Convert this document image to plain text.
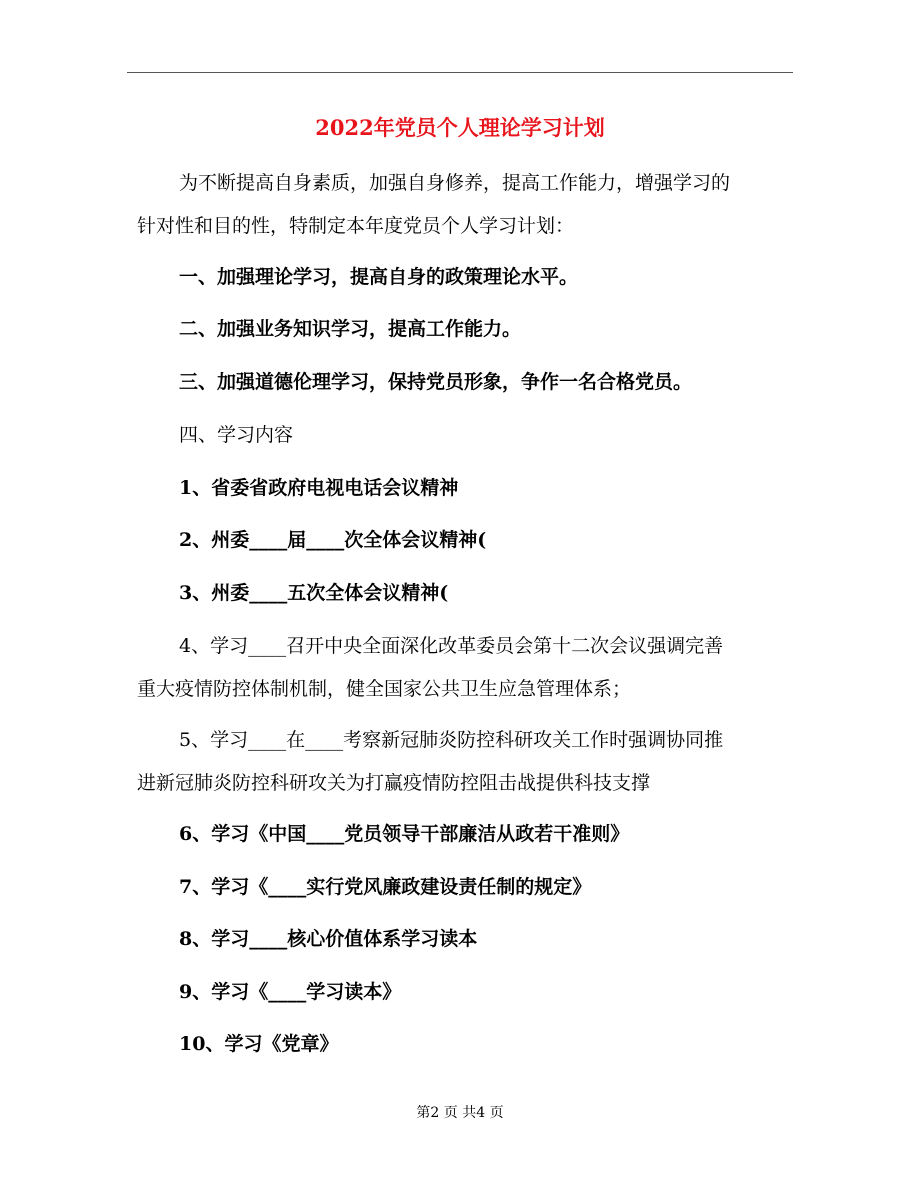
2022年党员个人理论学习计划
为不断提高自身素质，加强自身修养，提高工作能力，增强学习的
针对性和目的性，特制定本年度党员个人学习计划：
一、加强理论学习，提高自身的政策理论水平。
二、加强业务知识学习，提高工作能力。
三、加强道德伦理学习，保持党员形象，争作一名合格党员。
四、学习内容
1、省委省政府电视电话会议精神
2、州委____届____次全体会议精神(
3、州委____五次全体会议精神(
4、学习____召开中央全面深化改革委员会第十二次会议强调完善
重大疫情防控体制机制，健全国家公共卫生应急管理体系；
5、学习____在____考察新冠肺炎防控科研攻关工作时强调协同推
进新冠肺炎防控科研攻关为打赢疫情防控阻击战提供科技支撑
6、学习《中国____党员领导干部廉洁从政若干准则》
7、学习《____实行党风廉政建设责任制的规定》
8、学习____核心价值体系学习读本
9、学习《____学习读本》
10、学习《党章》
第2 页 共4 页
